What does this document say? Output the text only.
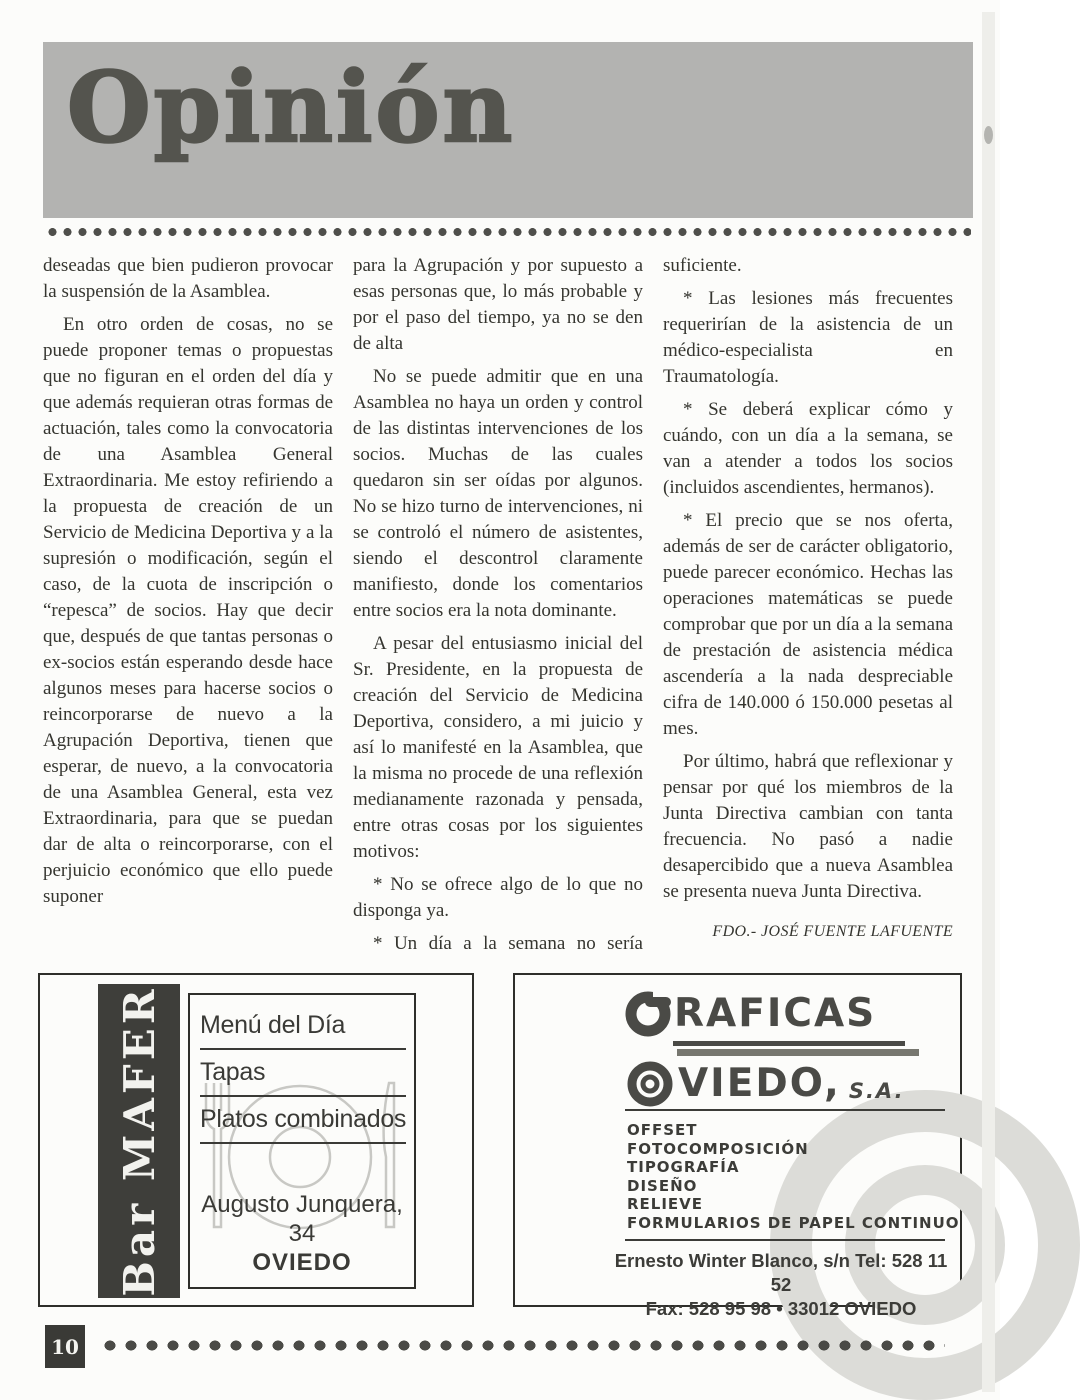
Opinión

deseadas que bien pudieron provocar la suspensión de la Asamblea.

En otro orden de cosas, no se puede proponer temas o propuestas que no figuran en el orden del día y que además requieran otras formas de actuación, tales como la convocatoria de una Asamblea General Extraordinaria. Me estoy refiriendo a la propuesta de creación de un Servicio de Medicina Deportiva y a la supresión o modificación, según el caso, de la cuota de inscripción o “repesca” de socios. Hay que decir que, después de que tantas personas o ex-socios están esperando desde hace algunos meses para hacerse socios o reincorporarse de nuevo a la Agrupación Deportiva, tienen que esperar, de nuevo, a la convocatoria de una Asamblea General, esta vez Extraordinaria, para que se puedan dar de alta o reincorporarse, con el perjuicio económico que ello puede suponer

para la Agrupación y por supuesto a esas personas que, lo más probable y por el paso del tiempo, ya no se den de alta

No se puede admitir que en una Asamblea no haya un orden y control de las distintas intervenciones de los socios. Muchas de las cuales quedaron sin ser oídas por algunos. No se hizo turno de intervenciones, ni se controló el número de asistentes, siendo el descontrol claramente manifiesto, donde los comentarios entre socios era la nota dominante.

A pesar del entusiasmo inicial del Sr. Presidente, en la propuesta de creación del Servicio de Medicina Deportiva, considero, a mi juicio y así lo manifesté en la Asamblea, que la misma no procede de una reflexión medianamente razonada y pensada, entre otras cosas por los siguientes motivos:

* No se ofrece algo de lo que no disponga ya.

* Un día a la semana no sería

suficiente.

* Las lesiones más frecuentes requerirían de la asistencia de un médico-especialista en Traumatología.

* Se deberá explicar cómo y cuándo, con un día a la semana, se van a atender a todos los socios (incluidos ascendientes, hermanos).

* El precio que se nos oferta, además de ser de carácter obligatorio, puede parecer económico. Hechas las operaciones matemáticas se puede comprobar que por un día a la semana de prestación de asistencia médica ascendería a la nada despreciable cifra de 140.000 ó 150.000 pesetas al mes.

Por último, habrá que reflexionar y pensar por qué los miembros de la Junta Directiva cambian con tanta frecuencia. No pasó a nadie desapercibido que a nueva Asamblea se presenta nueva Junta Directiva.

FDO.- JOSÉ FUENTE LAFUENTE
Bar MAFER Menú del Día
Tapas
Platos combinados
Augusto Junquera, 34
OVIEDO
RAFICAS
VIEDO, S.A.
OFFSET
FOTOCOMPOSICIÓN
TIPOGRAFÍA
DISEÑO
RELIEVE
FORMULARIOS DE PAPEL CONTINUO
Ernesto Winter Blanco, s/n Tel: 528 11 52
Fax: 528 95 98 • 33012 OVIEDO
10
